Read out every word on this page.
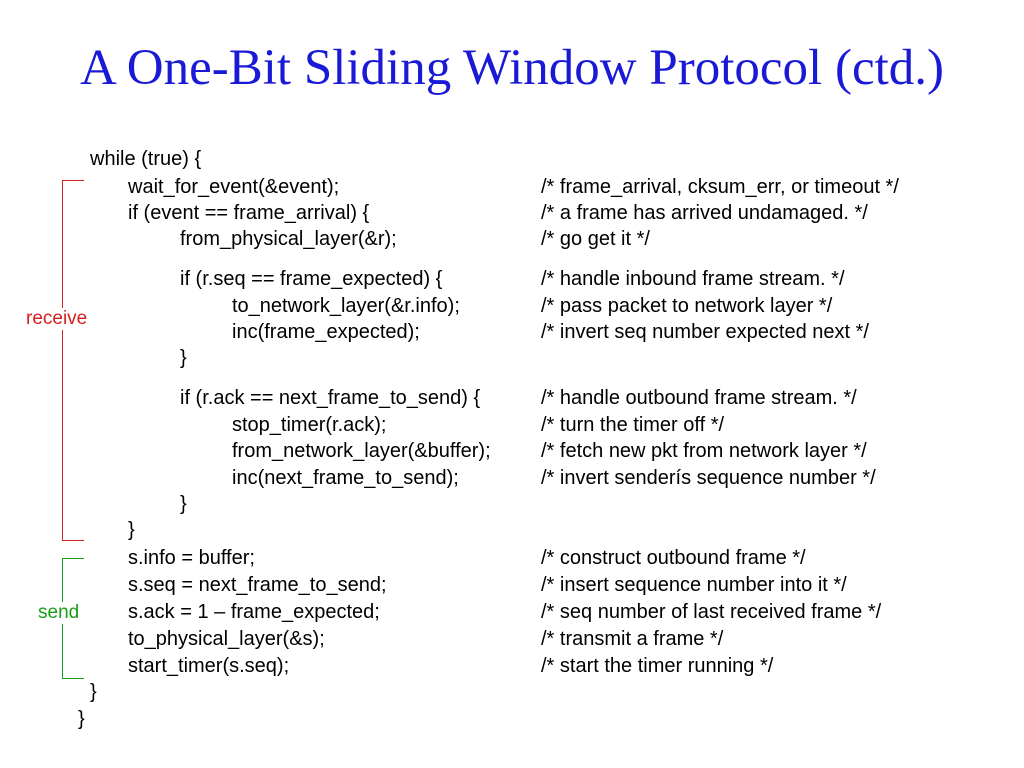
A One-Bit Sliding Window Protocol (ctd.)
while (true) {
wait_for_event(&event);	/* frame_arrival, cksum_err, or timeout */
if (event == frame_arrival) {	/* a frame has arrived undamaged. */
from_physical_layer(&r);	/* go get it */
if (r.seq == frame_expected) {	/* handle inbound frame stream. */
to_network_layer(&r.info);	/* pass packet to network layer */
inc(frame_expected);	/* invert seq number expected next */
}
if (r.ack == next_frame_to_send) {	/* handle outbound frame stream. */
stop_timer(r.ack);	/* turn the timer off */
from_network_layer(&buffer);	/* fetch new pkt from network layer */
inc(next_frame_to_send);	/* invert senderís sequence number */
}
}
s.info = buffer;	/* construct outbound frame */
s.seq = next_frame_to_send;	/* insert sequence number into it */
s.ack = 1 – frame_expected;	/* seq number of last received frame */
to_physical_layer(&s);	/* transmit a frame */
start_timer(s.seq);	/* start the timer running */
}
}
receive
send
